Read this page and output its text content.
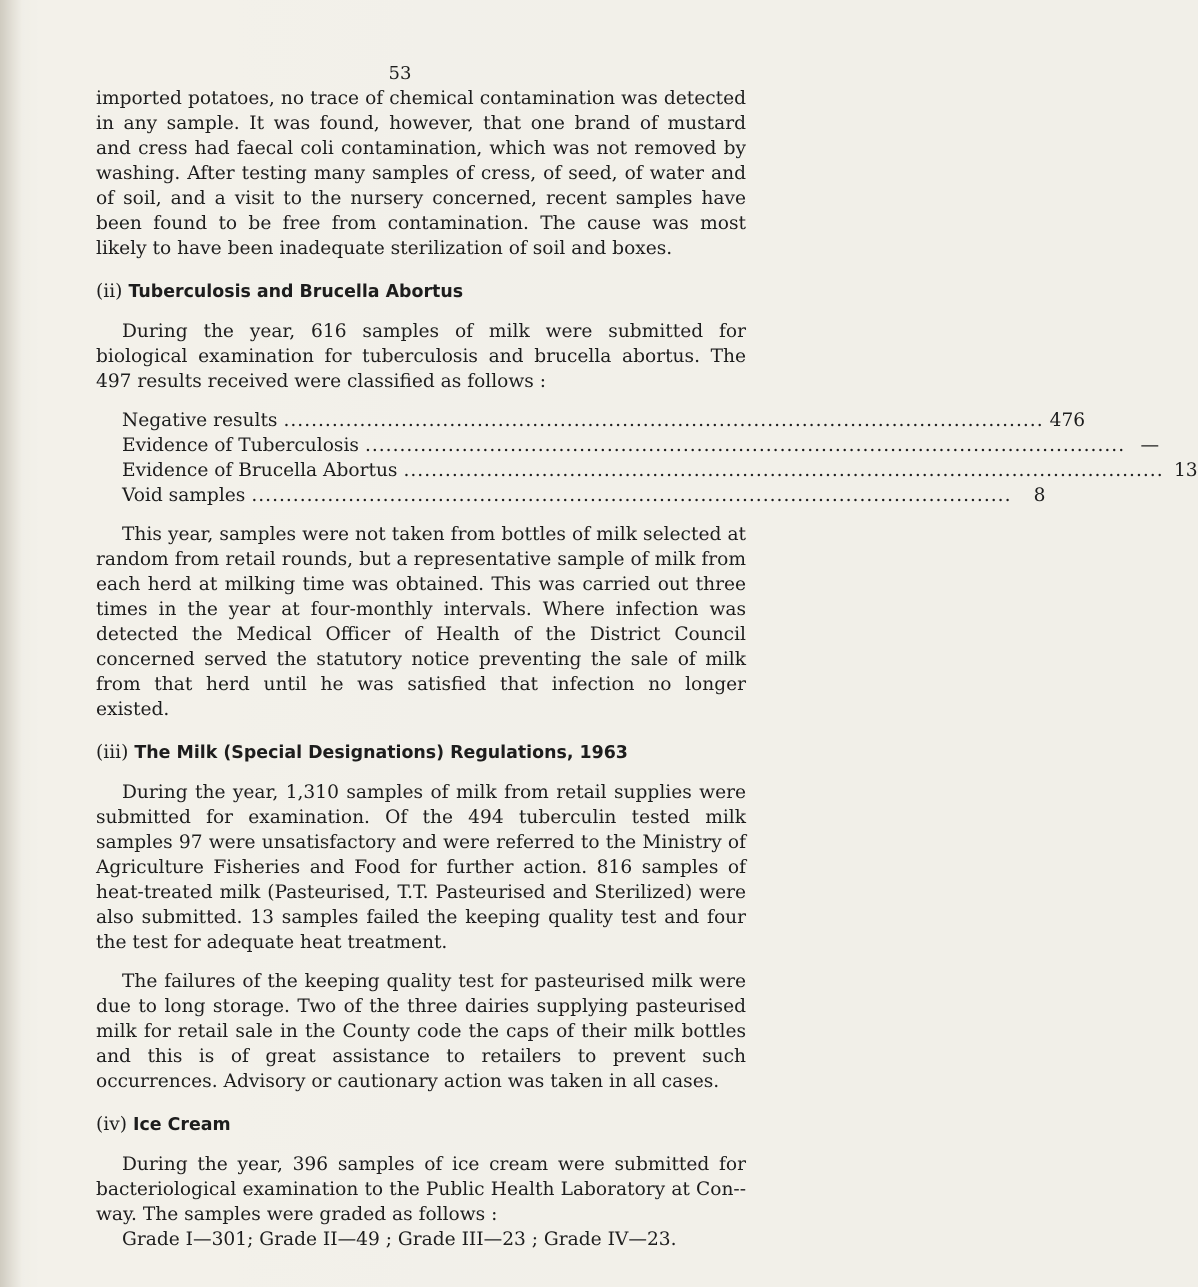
53

imported potatoes, no trace of chemical contamination was detected in any sample. It was found, however, that one brand of mustard and cress had faecal coli contamination, which was not removed by washing. After testing many samples of cress, of seed, of water and of soil, and a visit to the nursery concerned, recent samples have been found to be free from contamination. The cause was most likely to have been inadequate sterilization of soil and boxes.

(ii) Tuberculosis and Brucella Abortus

During the year, 616 samples of milk were submitted for biological examination for tuberculosis and brucella abortus. The 497 results received were classified as follows :

Negative results .............................................................................................................. 476
Evidence of Tuberculosis .............................................................................................................. —
Evidence of Brucella Abortus .............................................................................................................. 13
Void samples ..............................................................................................................	8

This year, samples were not taken from bottles of milk selected at random from retail rounds, but a representative sample of milk from each herd at milking time was obtained. This was carried out three times in the year at four-monthly intervals. Where infection was detected the Medical Officer of Health of the District Council concerned served the statutory notice preventing the sale of milk from that herd until he was satisfied that infection no longer existed.

(iii) The Milk (Special Designations) Regulations, 1963

During the year, 1,310 samples of milk from retail supplies were submitted for examination. Of the 494 tuberculin tested milk samples 97 were unsatisfactory and were referred to the Ministry of Agriculture Fisheries and Food for further action. 816 samples of heat-treated milk (Pasteurised, T.T. Pasteurised and Sterilized) were also submitted. 13 samples failed the keeping quality test and four the test for adequate heat treatment.

The failures of the keeping quality test for pasteurised milk were due to long storage. Two of the three dairies supplying pasteurised milk for retail sale in the County code the caps of their milk bottles and this is of great assistance to retailers to prevent such occurrences. Advisory or cautionary action was taken in all cases.

(iv) Ice Cream

During the year, 396 samples of ice cream were submitted for bacteriological examination to the Public Health Laboratory at Con-- way. The samples were graded as follows :

Grade I—301; Grade II—49 ; Grade III—23 ; Grade IV—23.
